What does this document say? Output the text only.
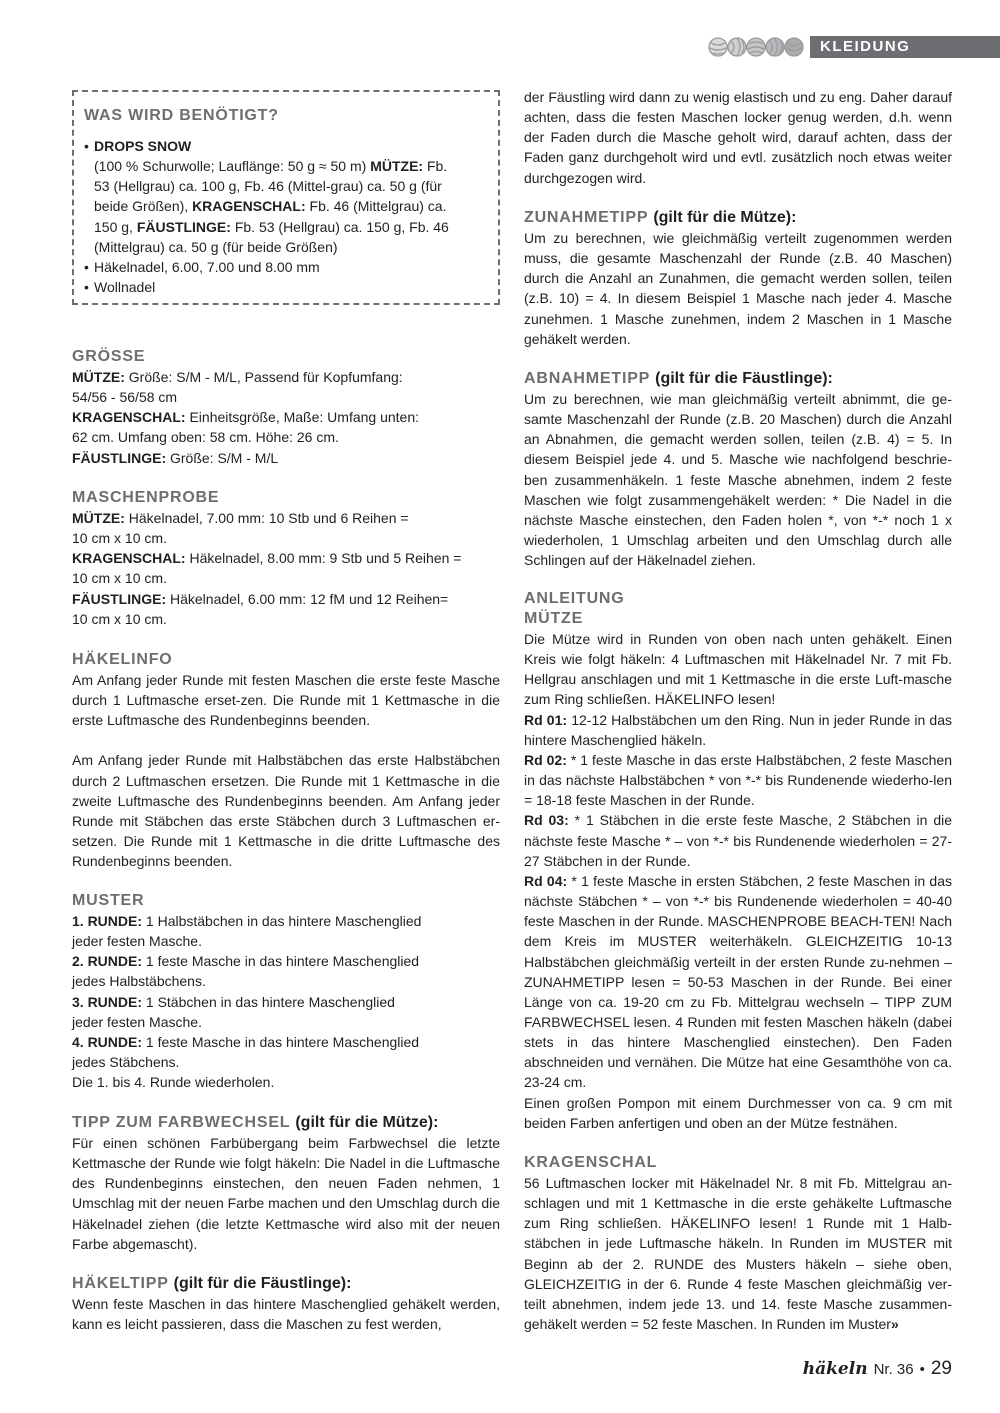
KLEIDUNG
WAS WIRD BENÖTIGT?
• DROPS SNOW
(100 % Schurwolle; Lauflänge: 50 g ≈ 50 m) MÜTZE: Fb.
53 (Hellgrau) ca. 100 g, Fb. 46 (Mittel-grau) ca. 50 g (für
beide Größen), KRAGENSCHAL: Fb. 46 (Mittelgrau) ca.
150 g, FÄUSTLINGE: Fb. 53 (Hellgrau) ca. 150 g, Fb. 46
(Mittelgrau) ca. 50 g (für beide Größen)
• Häkelnadel, 6.00, 7.00 und 8.00 mm
• Wollnadel
GRÖSSE

MÜTZE: Größe: S/M - M/L, Passend für Kopfumfang:

54/56 - 56/58 cm

KRAGENSCHAL: Einheitsgröße, Maße: Umfang unten:

62 cm. Umfang oben: 58 cm. Höhe: 26 cm.

FÄUSTLINGE: Größe: S/M - M/L

MASCHENPROBE

MÜTZE: Häkelnadel, 7.00 mm: 10 Stb und 6 Reihen =

10 cm x 10 cm.

KRAGENSCHAL: Häkelnadel, 8.00 mm: 9 Stb und 5 Reihen =

10 cm x 10 cm.

FÄUSTLINGE: Häkelnadel, 6.00 mm: 12 fM und 12 Reihen=

10 cm x 10 cm.

HÄKELINFO

Am Anfang jeder Runde mit festen Maschen die erste feste Masche durch 1 Luftmasche erset-zen. Die Runde mit 1 Kettmasche in die erste Luftmasche des Rundenbeginns beenden.

Am Anfang jeder Runde mit Halbstäbchen das erste Halbstäbchen durch 2 Luftmaschen ersetzen. Die Runde mit 1 Kettmasche in die zweite Luftmasche des Rundenbeginns beenden. Am Anfang jeder Runde mit Stäbchen das erste Stäbchen durch 3 Luftmaschen er-setzen. Die Runde mit 1 Kettmasche in die dritte Luftmasche des Rundenbeginns beenden.

MUSTER

1. RUNDE: 1 Halbstäbchen in das hintere Maschenglied

jeder festen Masche.

2. RUNDE: 1 feste Masche in das hintere Maschenglied

jedes Halbstäbchens.

3. RUNDE: 1 Stäbchen in das hintere Maschenglied

jeder festen Masche.

4. RUNDE: 1 feste Masche in das hintere Maschenglied

jedes Stäbchens.

Die 1. bis 4. Runde wiederholen.

TIPP ZUM FARBWECHSEL (gilt für die Mütze):

Für einen schönen Farbübergang beim Farbwechsel die letzte Kettmasche der Runde wie folgt häkeln: Die Nadel in die Luftmasche des Rundenbeginns einstechen, den neuen Faden nehmen, 1 Umschlag mit der neuen Farbe machen und den Umschlag durch die Häkelnadel ziehen (die letzte Kettmasche wird also mit der neuen Farbe abgemascht).

HÄKELTIPP (gilt für die Fäustlinge):

Wenn feste Maschen in das hintere Maschenglied gehäkelt werden, kann es leicht passieren, dass die Maschen zu fest werden,

der Fäustling wird dann zu wenig elastisch und zu eng. Daher darauf achten, dass die festen Maschen locker genug werden, d.h. wenn der Faden durch die Masche geholt wird, darauf achten, dass der Faden ganz durchgeholt wird und evtl. zusätzlich noch etwas weiter durchgezogen wird.

ZUNAHMETIPP (gilt für die Mütze):

Um zu berechnen, wie gleichmäßig verteilt zugenommen werden muss, die gesamte Maschenzahl der Runde (z.B. 40 Maschen) durch die Anzahl an Zunahmen, die gemacht werden sollen, teilen (z.B. 10) = 4. In diesem Beispiel 1 Masche nach jeder 4. Masche zunehmen. 1 Masche zunehmen, indem 2 Maschen in 1 Masche gehäkelt werden.

ABNAHMETIPP (gilt für die Fäustlinge):

Um zu berechnen, wie man gleichmäßig verteilt abnimmt, die ge-samte Maschenzahl der Runde (z.B. 20 Maschen) durch die Anzahl an Abnahmen, die gemacht werden sollen, teilen (z.B. 4) = 5. In diesem Beispiel jede 4. und 5. Masche wie nachfolgend beschrie-ben zusammenhäkeln. 1 feste Masche abnehmen, indem 2 feste Maschen wie folgt zusammengehäkelt werden: * Die Nadel in die nächste Masche einstechen, den Faden holen *, von *-* noch 1 x wiederholen, 1 Umschlag arbeiten und den Umschlag durch alle Schlingen auf der Häkelnadel ziehen.

ANLEITUNG
MÜTZE

Die Mütze wird in Runden von oben nach unten gehäkelt. Einen Kreis wie folgt häkeln: 4 Luftmaschen mit Häkelnadel Nr. 7 mit Fb. Hellgrau anschlagen und mit 1 Kettmasche in die erste Luft-masche zum Ring schließen. HÄKELINFO lesen!

Rd 01: 12-12 Halbstäbchen um den Ring. Nun in jeder Runde in das hintere Maschenglied häkeln.

Rd 02: * 1 feste Masche in das erste Halbstäbchen, 2 feste Maschen in das nächste Halbstäbchen * von *-* bis Rundenende wiederho-len = 18-18 feste Maschen in der Runde.

Rd 03: * 1 Stäbchen in die erste feste Masche, 2 Stäbchen in die nächste feste Masche * – von *-* bis Rundenende wiederholen = 27-27 Stäbchen in der Runde.

Rd 04: * 1 feste Masche in ersten Stäbchen, 2 feste Maschen in das nächste Stäbchen * – von *-* bis Rundenende wiederholen = 40-40 feste Maschen in der Runde. MASCHENPROBE BEACH-TEN! Nach dem Kreis im MUSTER weiterhäkeln. GLEICHZEITIG 10-13 Halbstäbchen gleichmäßig verteilt in der ersten Runde zu-nehmen – ZUNAHMETIPP lesen = 50-53 Maschen in der Runde. Bei einer Länge von ca. 19-20 cm zu Fb. Mittelgrau wechseln – TIPP ZUM FARBWECHSEL lesen. 4 Runden mit festen Maschen häkeln (dabei stets in das hintere Maschenglied einstechen). Den Faden abschneiden und vernähen. Die Mütze hat eine Gesamthöhe von ca. 23-24 cm.

Einen großen Pompon mit einem Durchmesser von ca. 9 cm mit beiden Farben anfertigen und oben an der Mütze festnähen.

KRAGENSCHAL

56 Luftmaschen locker mit Häkelnadel Nr. 8 mit Fb. Mittelgrau an-schlagen und mit 1 Kettmasche in die erste gehäkelte Luftmasche zum Ring schließen. HÄKELINFO lesen! 1 Runde mit 1 Halb-stäbchen in jede Luftmasche häkeln. In Runden im MUSTER mit Beginn ab der 2. RUNDE des Musters häkeln – siehe oben, GLEICHZEITIG in der 6. Runde 4 feste Maschen gleichmäßig ver-teilt abnehmen, indem jede 13. und 14. feste Masche zusammen-gehäkelt werden = 52 feste Maschen. In Runden im Muster»

häkeln Nr. 36 • 29
